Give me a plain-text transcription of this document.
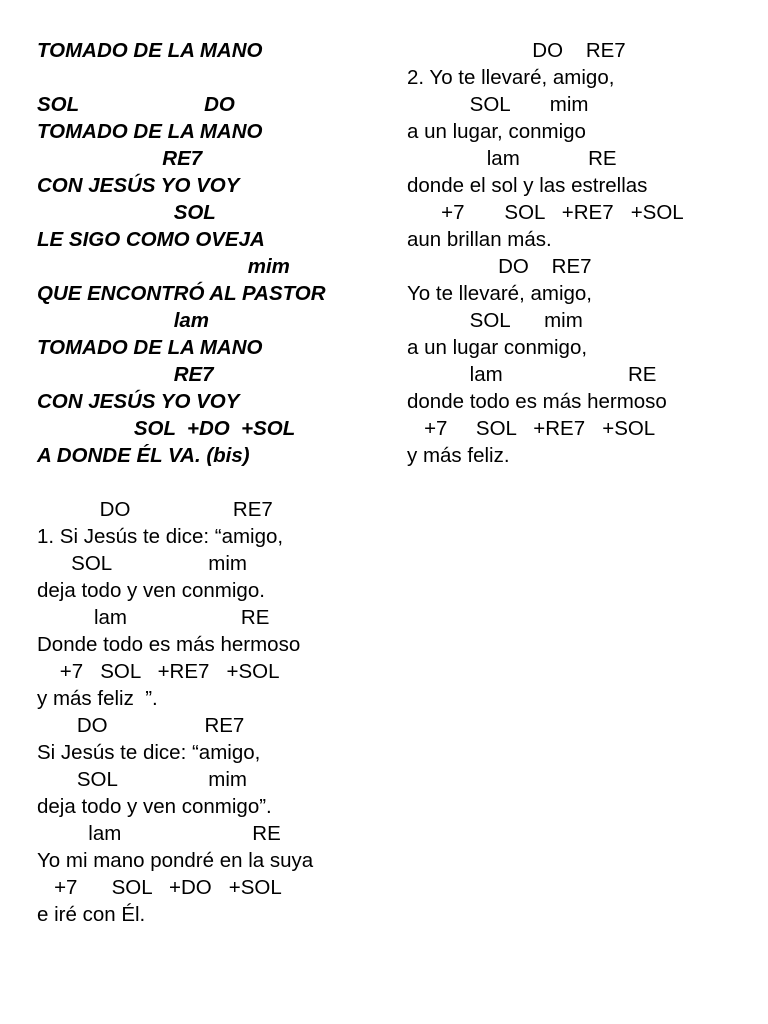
TOMADO DE LA MANO
SOL                      DO
TOMADO DE LA MANO
RE7
CON JESÚS YO VOY
SOL
LE SIGO COMO OVEJA
mim
QUE ENCONTRÓ AL PASTOR
lam
TOMADO DE LA MANO
RE7
CON JESÚS YO VOY
SOL  +DO  +SOL
A DONDE ÉL VA. (bis)
DO                  RE7
1. Si Jesús te dice: “amigo,
SOL                 mim
deja todo y ven conmigo.
lam                    RE
Donde todo es más hermoso
+7   SOL   +RE7   +SOL
y más feliz  ”.
DO                 RE7
Si Jesús te dice: “amigo,
SOL                mim
deja todo y ven conmigo”.
lam                       RE
Yo mi mano pondré en la suya
+7      SOL   +DO   +SOL
e iré con Él.
DO    RE7
2. Yo te llevaré, amigo,
SOL       mim
a un lugar, conmigo
lam            RE
donde el sol y las estrellas
+7       SOL   +RE7   +SOL
aun brillan más.
DO    RE7
Yo te llevaré, amigo,
SOL      mim
a un lugar conmigo,
lam                      RE
donde todo es más hermoso
+7     SOL   +RE7   +SOL
y más feliz.
